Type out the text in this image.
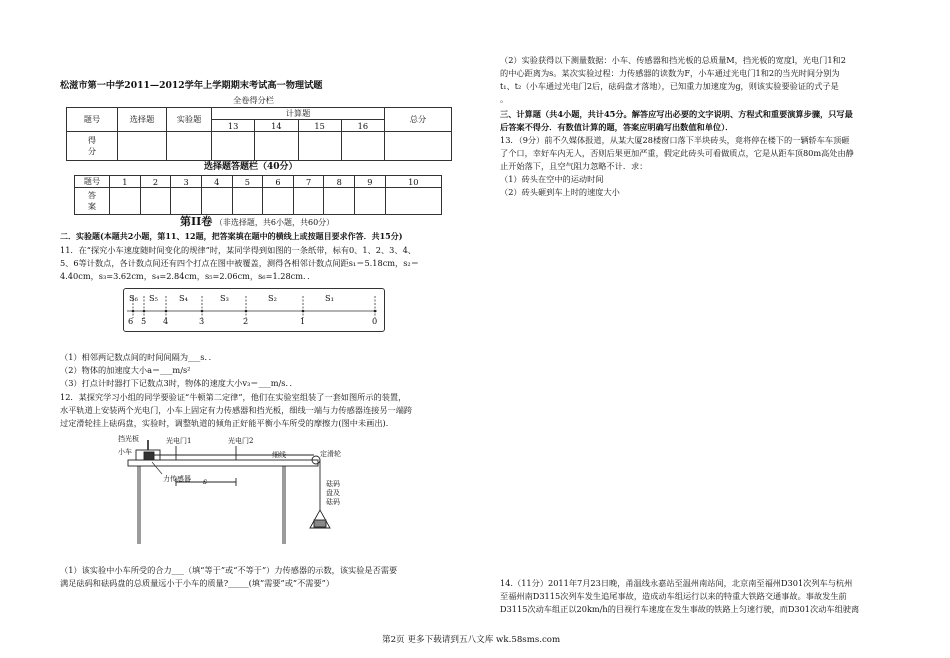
松滋市第一中学2011—2012学年上学期期末考试高一物理试题
全卷得分栏
题号	选择题	实验题	计算题				总分
			13	14	15	16	

得
分							

选择题答题栏（40分）
题号	1	2	3	4	5	6	7	8	9	10

答
案										

第II卷 （非选择题，共6小题，共60分）
二．实验题(本题共2小题，第11、12题，把答案填在题中的横线上或按题目要求作答．共15分)
11．在“探究小车速度随时间变化的规律”时，某同学得到如图的一条纸带，标有0、1、2、3、4、
5、6等计数点，各计数点间还有四个打点在图中被覆盖，测得各相邻计数点间距s₁＝5.18cm，s₂＝
4.40cm，s₃=3.62cm，s₄=2.84cm，s₅=2.06cm，s₆=1.28cm．．
S₆ S₅	S₄	S₃	S₂	S₁
6 5 4	3	2	1	0
（1）相邻两记数点间的时间间隔为___s．．
（2）物体的加速度大小a＝___m/s²
（3）打点计时器打下记数点3时，物体的速度大小v₃＝___m/s．．
12．某探究学习小组的同学要验证“牛顿第二定律”，他们在实验室组装了一套如图所示的装置，
水平轨道上安装两个光电门，小车上固定有力传感器和挡光板，细线一端与力传感器连接另一端跨
过定滑轮挂上砝码盘，实验时，调整轨道的倾角正好能平衡小车所受的摩擦力(图中未画出)．
挡光板
小车
光电门1	光电门2
细线	定滑轮
力传感器 s	砝码
盘及
砝码
（1）该实验中小车所受的合力___（填“等于”或“不等于”）力传感器的示数，该实验是否需要
满足砝码和砝码盘的总质量远小于小车的质量?_____(填”需要”或”不需要”）
（2）实验获得以下测量数据：小车、传感器和挡光板的总质量M，挡光板的宽度l，光电门1和2
的中心距离为s。某次实验过程：力传感器的读数为F，小车通过光电门1和2的当光时间分别为
t₁、t₂（小车通过光电门2后，砝码盘才落地），已知重力加速度为g，则该实验要验证的式子是
。
三、计算题（共4小题，共计45分。解答应写出必要的文字说明、方程式和重要演算步骤，只写最
后答案不得分．有数值计算的题，答案应明确写出数值和单位）．
13．（9分）前不久媒体报道，从某大厦28楼窗口落下半块砖头，竟将停在楼下的一辆轿车车顶砸
了个口，幸好车内无人，否则后果更加严重，假定此砖头可看做质点，它是从距车顶80m高处由静
止开始落下，且空气阻力忽略不计．求：
（1）砖头在空中的运动时间
（2）砖头砸到车上时的速度大小
14.（11分）2011年7月23日晚，甬温线永嘉站至温州南站间，北京南至福州D301次列车与杭州
至福州南D3115次列车发生追尾事故，造成动车组运行以来的特重大铁路交通事故。事故发生前
D3115次动车组正以20km/h的目视行车速度在发生事故的铁路上匀速行驶，而D301次动车组驶离
第2页 更多下载请到五八文库 wk.58sms.com
